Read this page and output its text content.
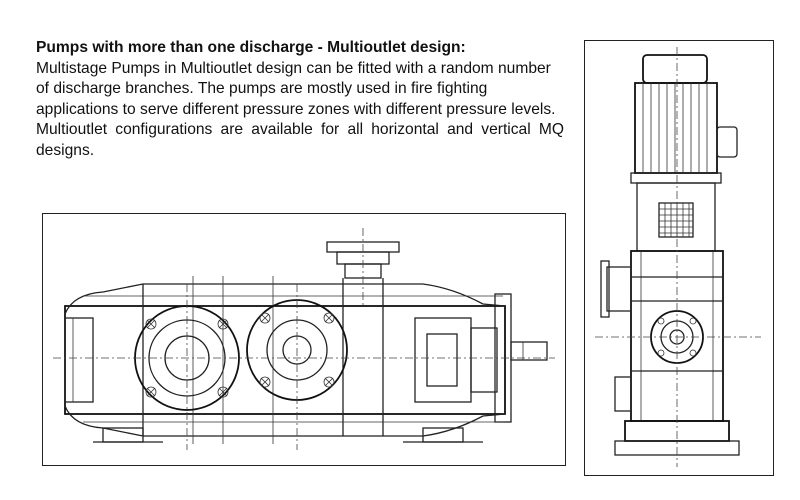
Pumps with more than one discharge - Multioutlet design:

Multistage Pumps in Multioutlet design can be fitted with a random number of discharge branches. The pumps are mostly used in fire fighting applications to serve different pressure zones with different pressure levels.

Multioutlet configurations are available for all horizontal and vertical MQ designs.
